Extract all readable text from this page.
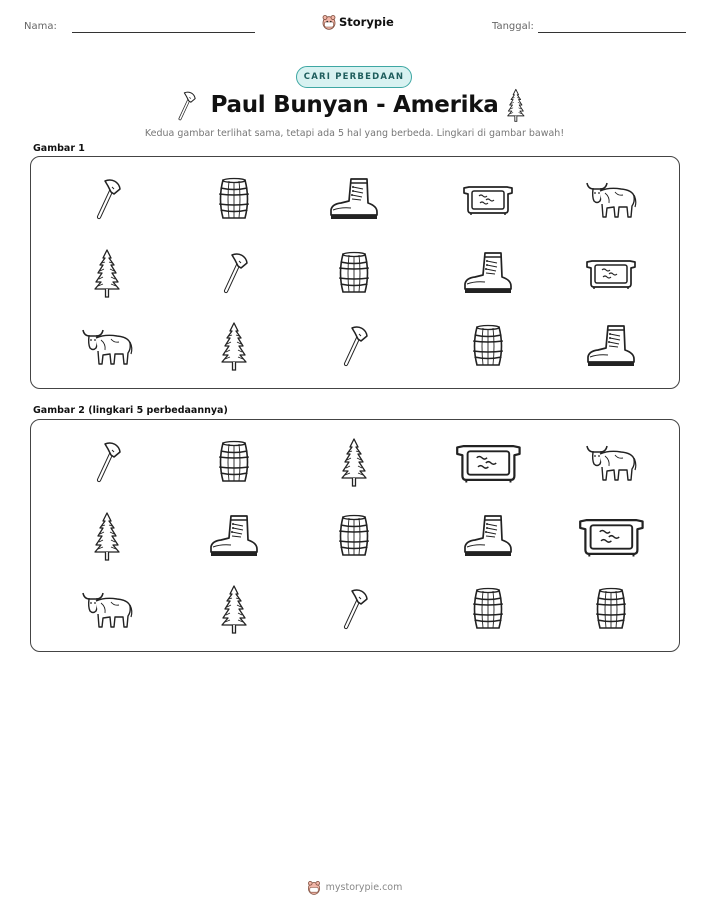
Nama:	Storypie	Tanggal:
CARI PERBEDAAN
Paul Bunyan - Amerika
Kedua gambar terlihat sama, tetapi ada 5 hal yang berbeda. Lingkari di gambar bawah!
Gambar 1
Gambar 2 (lingkari 5 perbedaannya)
mystorypie.com
